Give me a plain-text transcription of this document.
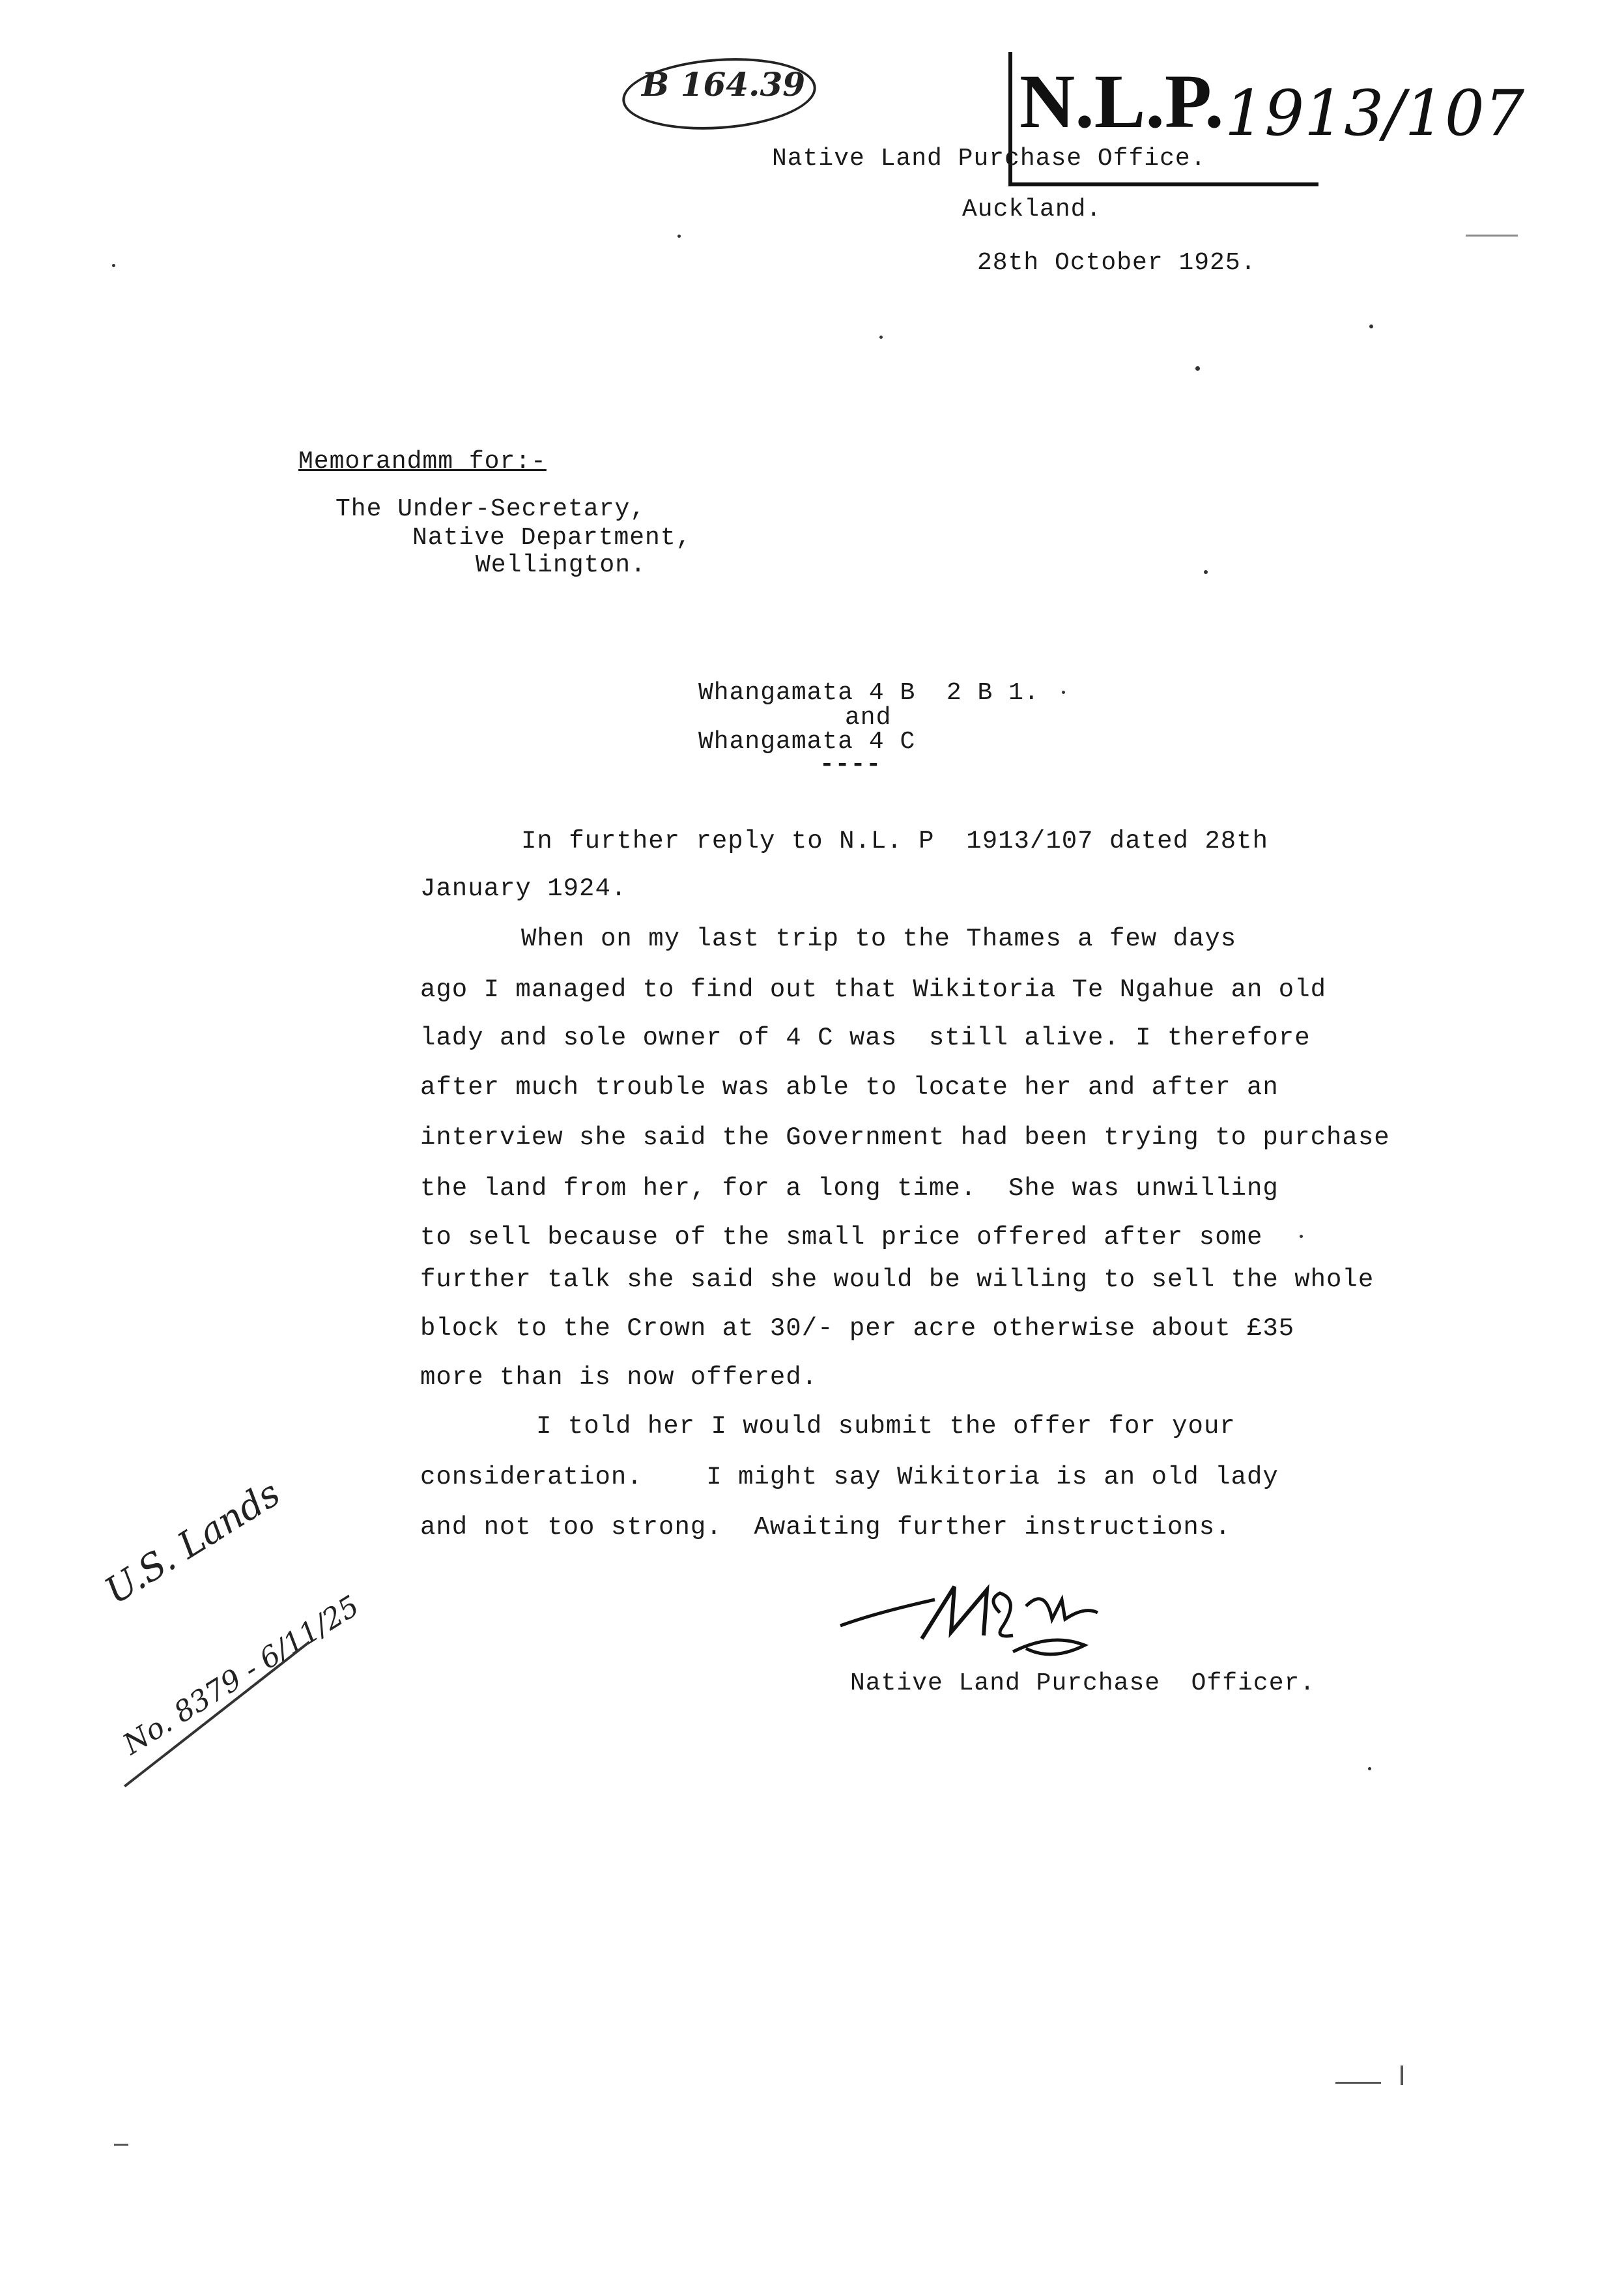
B 164.39	N.L.P. 1913/107
Native Land Purchase Office.
Auckland.
28th October 1925.
Memorandmm for:-
The Under-Secretary,
Native Department,
Wellington.
Whangamata 4 B  2 B 1.
and
Whangamata 4 C
----
In further reply to N.L. P  1913/107 dated 28th
January 1924.
When on my last trip to the Thames a few days
ago I managed to find out that Wikitoria Te Ngahue an old
lady and sole owner of 4 C was  still alive. I therefore
after much trouble was able to locate her and after an
interview she said the Government had been trying to purchase
the land from her, for a long time.  She was unwilling
to sell because of the small price offered after some
further talk she said she would be willing to sell the whole
block to the Crown at 30/- per acre otherwise about £35
more than is now offered.
I told her I would submit the offer for your
consideration.    I might say Wikitoria is an old lady
and not too strong.  Awaiting further instructions.
Native Land Purchase  Officer.
U.S. Lands
No. 8379 - 6/11/25
